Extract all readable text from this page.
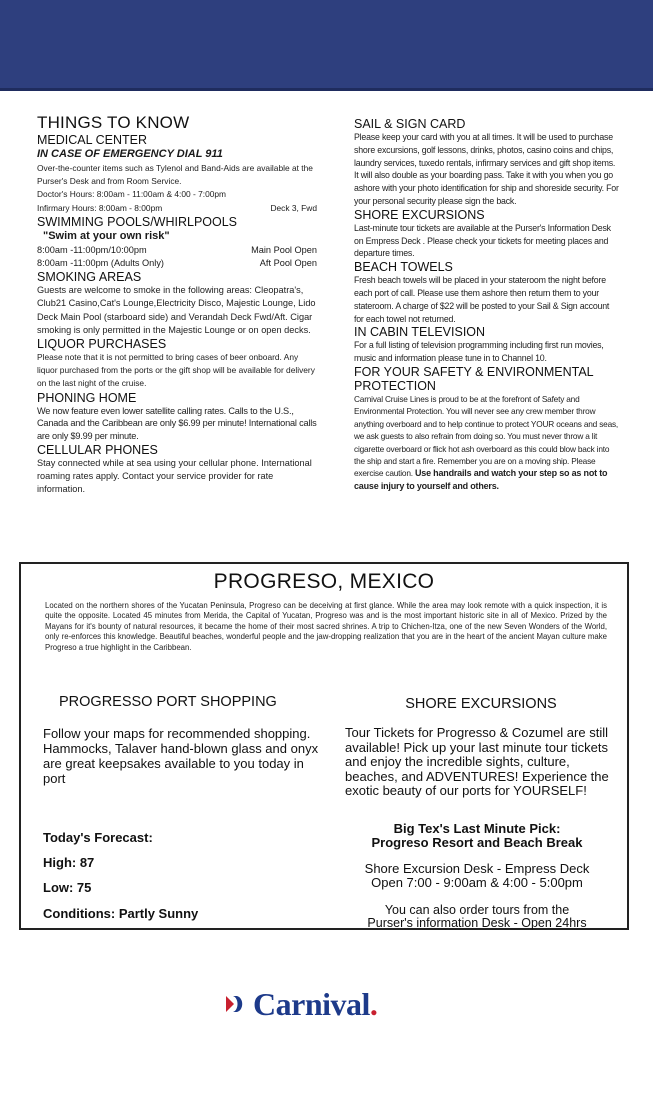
THINGS TO KNOW
MEDICAL CENTER
IN CASE OF EMERGENCY DIAL 911

Over-the-counter items such as Tylenol and Band-Aids are available at the Purser's Desk and from Room Service.

Doctor's Hours: 8:00am - 11:00am & 4:00 - 7:00pm

Infirmary Hours: 8:00am - 8:00pm	Deck 3, Fwd
SWIMMING POOLS/WHIRLPOOLS
"Swim at your own risk"
8:00am -11:00pm/10:00pm	Main Pool Open
8:00am -11:00pm (Adults Only)	Aft Pool Open
SMOKING AREAS

Guests are welcome to smoke in the following areas: Cleopatra's, Club21 Casino,Cat's Lounge,Electricity Disco, Majestic Lounge, Lido Deck Main Pool (starboard side) and Verandah Deck Fwd/Aft. Cigar smoking is only permitted in the Majestic Lounge or on open decks.

LIQUOR PURCHASES

Please note that it is not permitted to bring cases of beer onboard. Any liquor purchased from the ports or the gift shop will be available for delivery on the last night of the cruise.

PHONING HOME

We now feature even lower satellite calling rates. Calls to the U.S., Canada and the Caribbean are only $6.99 per minute! International calls are only $9.99 per minute.

CELLULAR PHONES

Stay connected while at sea using your cellular phone. International roaming rates apply. Contact your service provider for rate information.

SAIL & SIGN CARD

Please keep your card with you at all times. It will be used to purchase shore excursions, golf lessons, drinks, photos, casino coins and chips, laundry services, tuxedo rentals, infirmary services and gift shop items. It will also double as your boarding pass. Take it with you when you go ashore with your photo identification for ship and shoreside security. For your personal security please sign the back.

SHORE EXCURSIONS

Last-minute tour tickets are available at the Purser's Information Desk on Empress Deck . Please check your tickets for meeting places and departure times.

BEACH TOWELS

Fresh beach towels will be placed in your stateroom the night before each port of call. Please use them ashore then return them to your stateroom. A charge of $22 will be posted to your Sail & Sign account for each towel not returned.

IN CABIN TELEVISION

For a full listing of television programming including first run movies, music and information please tune in to Channel 10.

FOR YOUR SAFETY & ENVIRONMENTAL PROTECTION

Carnival Cruise Lines is proud to be at the forefront of Safety and Environmental Protection. You will never see any crew member throw anything overboard and to help continue to protect YOUR oceans and seas, we ask guests to also refrain from doing so. You must never throw a lit cigarette overboard or flick hot ash overboard as this could blow back into the ship and start a fire. Remember you are on a moving ship. Please exercise caution. Use handrails and watch your step so as not to cause injury to yourself and others.

PROGRESO, MEXICO
Located on the northern shores of the Yucatan Peninsula, Progreso can be deceiving at first glance. While the area may look remote with a quick inspection, it is quite the opposite. Located 45 minutes from Merida, the Capital of Yucatan, Progreso was and is the most important historic site in all of Mexico. Prized by the Mayans for it's bounty of natural resources, it became the home of their most sacred shrines. A trip to Chichen-Itza, one of the new Seven Wonders of the World, only re-enforces this knowledge. Beautiful beaches, wonderful people and the jaw-dropping realization that you are in the heart of the ancient Mayan culture make Progreso a true highlight in the Caribbean.
PROGRESSO PORT SHOPPING
Follow your maps for recommended shopping. Hammocks, Talaver hand-blown glass and onyx are great keepsakes available to you today in port
Today's Forecast:
High: 87
Low: 75
Conditions: Partly Sunny
SHORE EXCURSIONS
Tour Tickets for Progresso & Cozumel are still available! Pick up your last minute tour tickets and enjoy the incredible sights, culture, beaches, and ADVENTURES! Experience the exotic beauty of our ports for YOURSELF!
Big Tex's Last Minute Pick:
Progreso Resort and Beach Break
Shore Excursion Desk - Empress Deck
Open 7:00 - 9:00am & 4:00 - 5:00pm
You can also order tours from the
Purser's information Desk - Open 24hrs
Carnival.
